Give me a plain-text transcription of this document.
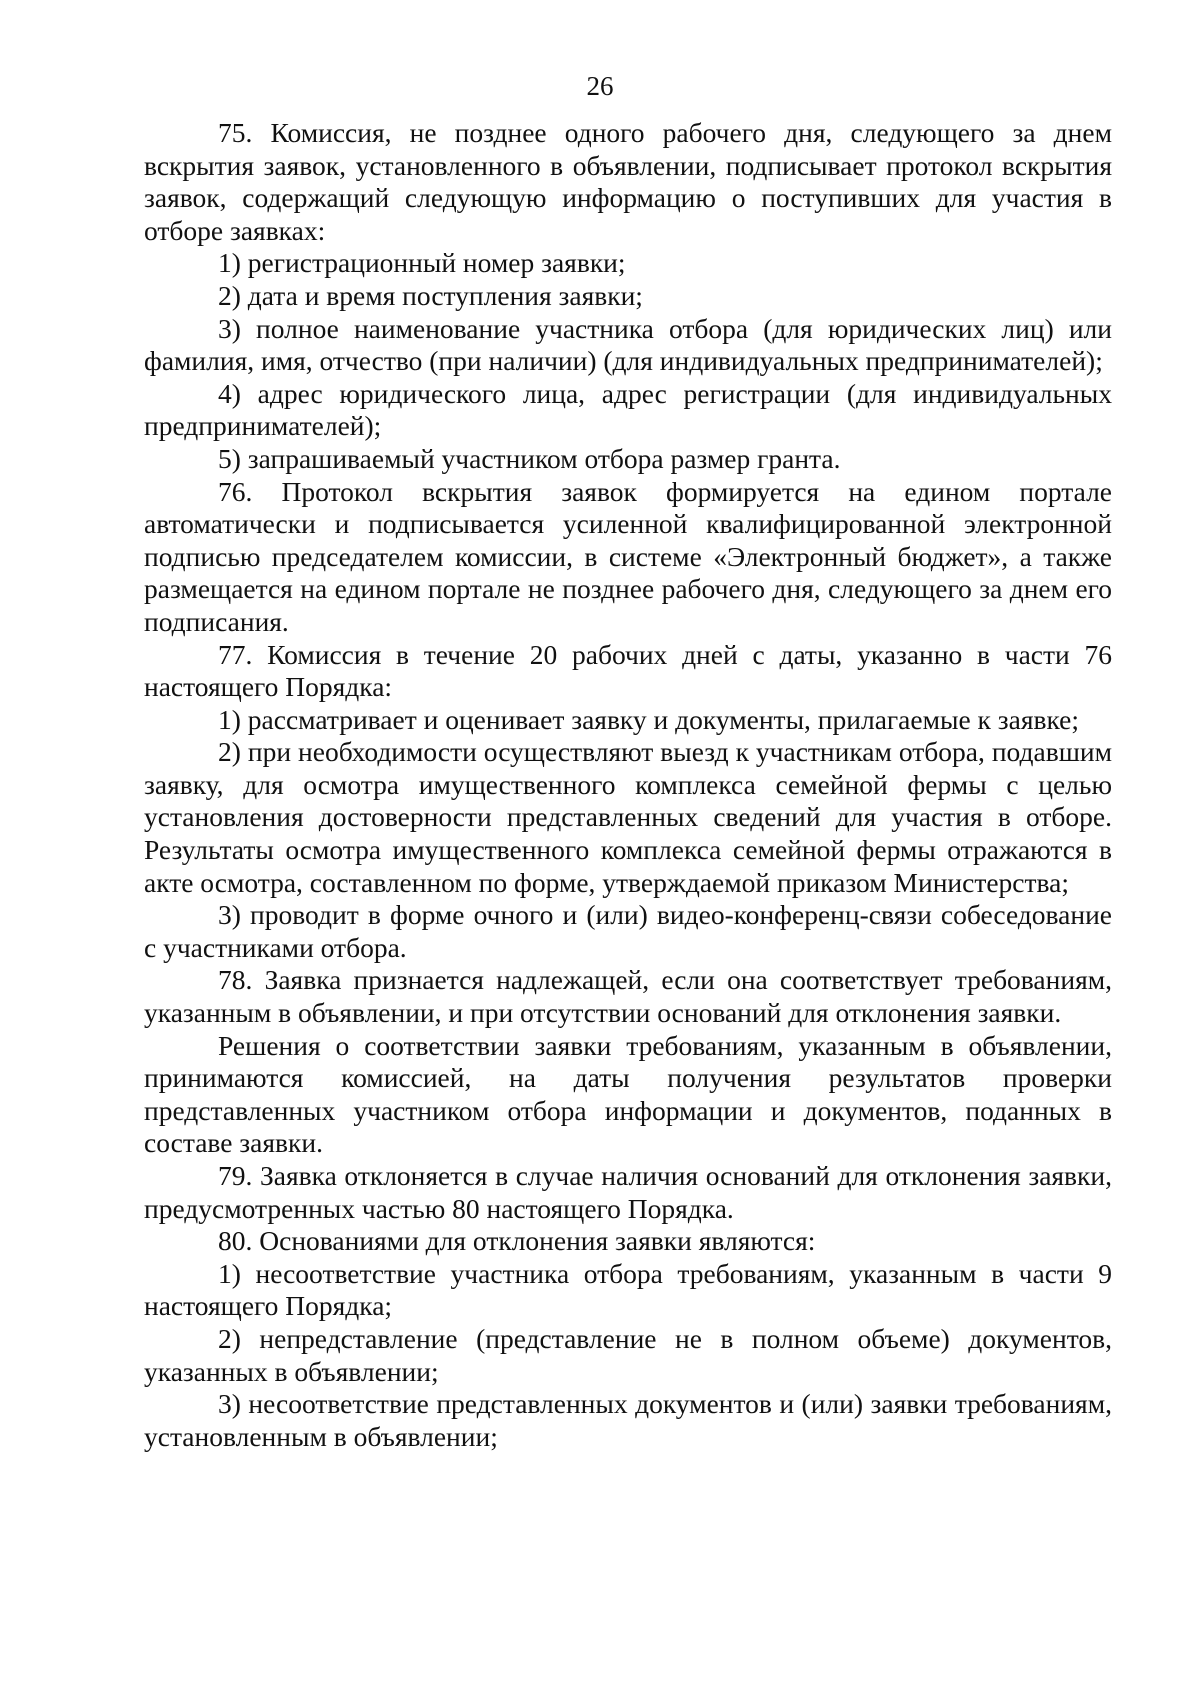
26

75. Комиссия, не позднее одного рабочего дня, следующего за днем вскрытия заявок, установленного в объявлении, подписывает протокол вскрытия заявок, содержащий следующую информацию о поступивших для участия в отборе заявках:

1) регистрационный номер заявки;

2) дата и время поступления заявки;

3) полное наименование участника отбора (для юридических лиц) или фамилия, имя, отчество (при наличии) (для индивидуальных предпринимателей);

4) адрес юридического лица, адрес регистрации (для индивидуальных предпринимателей);

5) запрашиваемый участником отбора размер гранта.

76. Протокол вскрытия заявок формируется на едином портале автоматически и подписывается усиленной квалифицированной электронной подписью председателем комиссии, в системе «Электронный бюджет», а также размещается на едином портале не позднее рабочего дня, следующего за днем его подписания.

77. Комиссия в течение 20 рабочих дней с даты, указанно в части 76 настоящего Порядка:

1) рассматривает и оценивает заявку и документы, прилагаемые к заявке;

2) при необходимости осуществляют выезд к участникам отбора, подавшим заявку, для осмотра имущественного комплекса семейной фермы с целью установления достоверности представленных сведений для участия в отборе. Результаты осмотра имущественного комплекса семейной фермы отражаются в акте осмотра, составленном по форме, утверждаемой приказом Министерства;

3) проводит в форме очного и (или) видео-конференц-связи собеседование с участниками отбора.

78. Заявка признается надлежащей, если она соответствует требованиям, указанным в объявлении, и при отсутствии оснований для отклонения заявки.

Решения о соответствии заявки требованиям, указанным в объявлении, принимаются комиссией, на даты получения результатов проверки представленных участником отбора информации и документов, поданных в составе заявки.

79. Заявка отклоняется в случае наличия оснований для отклонения заявки, предусмотренных частью 80 настоящего Порядка.

80. Основаниями для отклонения заявки являются:

1) несоответствие участника отбора требованиям, указанным в части 9 настоящего Порядка;

2) непредставление (представление не в полном объеме) документов, указанных в объявлении;

3) несоответствие представленных документов и (или) заявки требованиям, установленным в объявлении;
